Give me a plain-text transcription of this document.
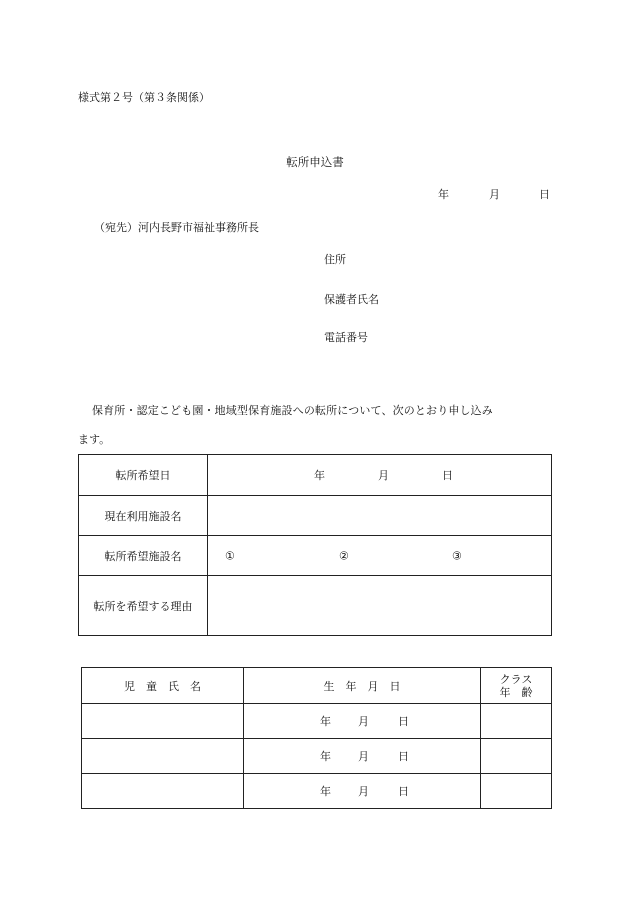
様式第２号（第３条関係）
転所申込書
年	月	日
（宛先）河内長野市福祉事務所長
住所
保護者氏名
電話番号
保育所・認定こども園・地域型保育施設への転所について、次のとおり申し込み
ます。
転所希望日	年 月 日

現在利用施設名	
転所希望施設名	① ② ③

転所を希望する理由	
児　童　氏　名	生　年　月　日	クラス
年　齢

	年 月 日	

	年 月 日	

	年 月 日	
